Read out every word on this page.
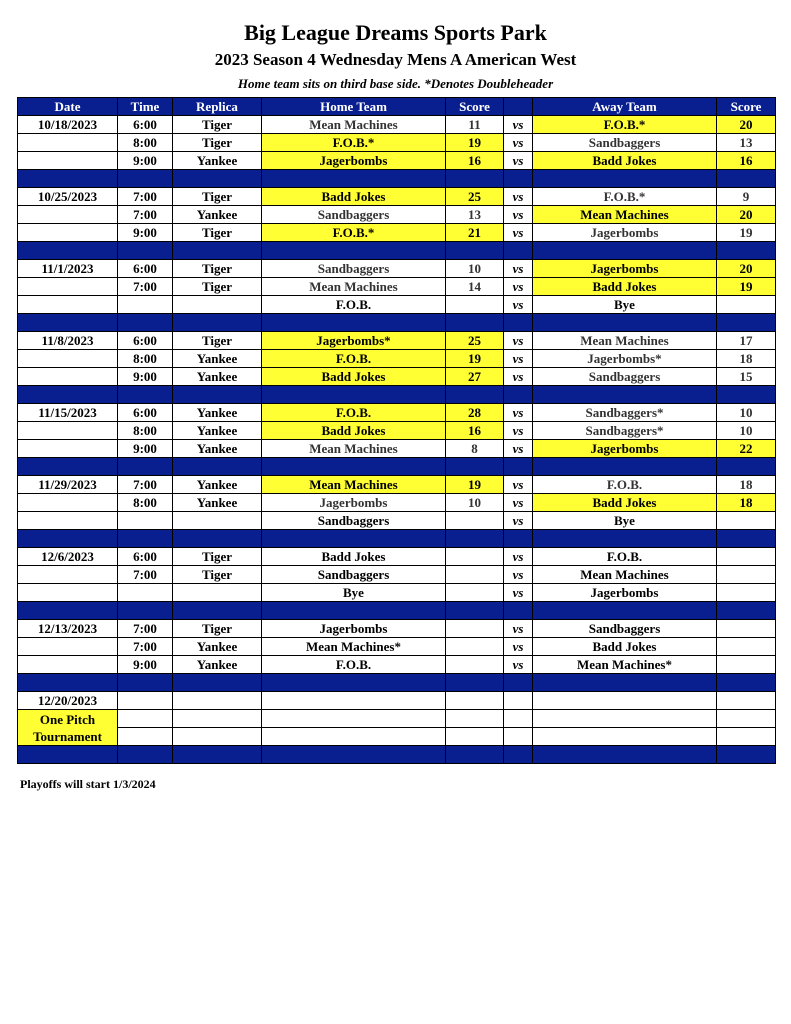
Big League Dreams Sports Park
2023 Season 4 Wednesday Mens A American West
Home team sits on third base side. *Denotes Doubleheader
Date	Time	Replica	Home Team	Score		Away Team	Score
10/18/2023	6:00	Tiger	Mean Machines	11	vs	F.O.B.*	20
	8:00	Tiger	F.O.B.*	19	vs	Sandbaggers	13
	9:00	Yankee	Jagerbombs	16	vs	Badd Jokes	16

10/25/2023	7:00	Tiger	Badd Jokes	25	vs	F.O.B.*	9
	7:00	Yankee	Sandbaggers	13	vs	Mean Machines	20
	9:00	Tiger	F.O.B.*	21	vs	Jagerbombs	19

11/1/2023	6:00	Tiger	Sandbaggers	10	vs	Jagerbombs	20
	7:00	Tiger	Mean Machines	14	vs	Badd Jokes	19
			F.O.B.		vs	Bye	

11/8/2023	6:00	Tiger	Jagerbombs*	25	vs	Mean Machines	17
	8:00	Yankee	F.O.B.	19	vs	Jagerbombs*	18
	9:00	Yankee	Badd Jokes	27	vs	Sandbaggers	15

11/15/2023	6:00	Yankee	F.O.B.	28	vs	Sandbaggers*	10
	8:00	Yankee	Badd Jokes	16	vs	Sandbaggers*	10
	9:00	Yankee	Mean Machines	8	vs	Jagerbombs	22

11/29/2023	7:00	Yankee	Mean Machines	19	vs	F.O.B.	18
	8:00	Yankee	Jagerbombs	10	vs	Badd Jokes	18
			Sandbaggers		vs	Bye	

12/6/2023	6:00	Tiger	Badd Jokes		vs	F.O.B.	
	7:00	Tiger	Sandbaggers		vs	Mean Machines	
			Bye		vs	Jagerbombs	

12/13/2023	7:00	Tiger	Jagerbombs		vs	Sandbaggers	
	7:00	Yankee	Mean Machines*		vs	Badd Jokes	
	9:00	Yankee	F.O.B.		vs	Mean Machines*	

12/20/2023							
One Pitch Tournament							

Playoffs will start 1/3/2024
